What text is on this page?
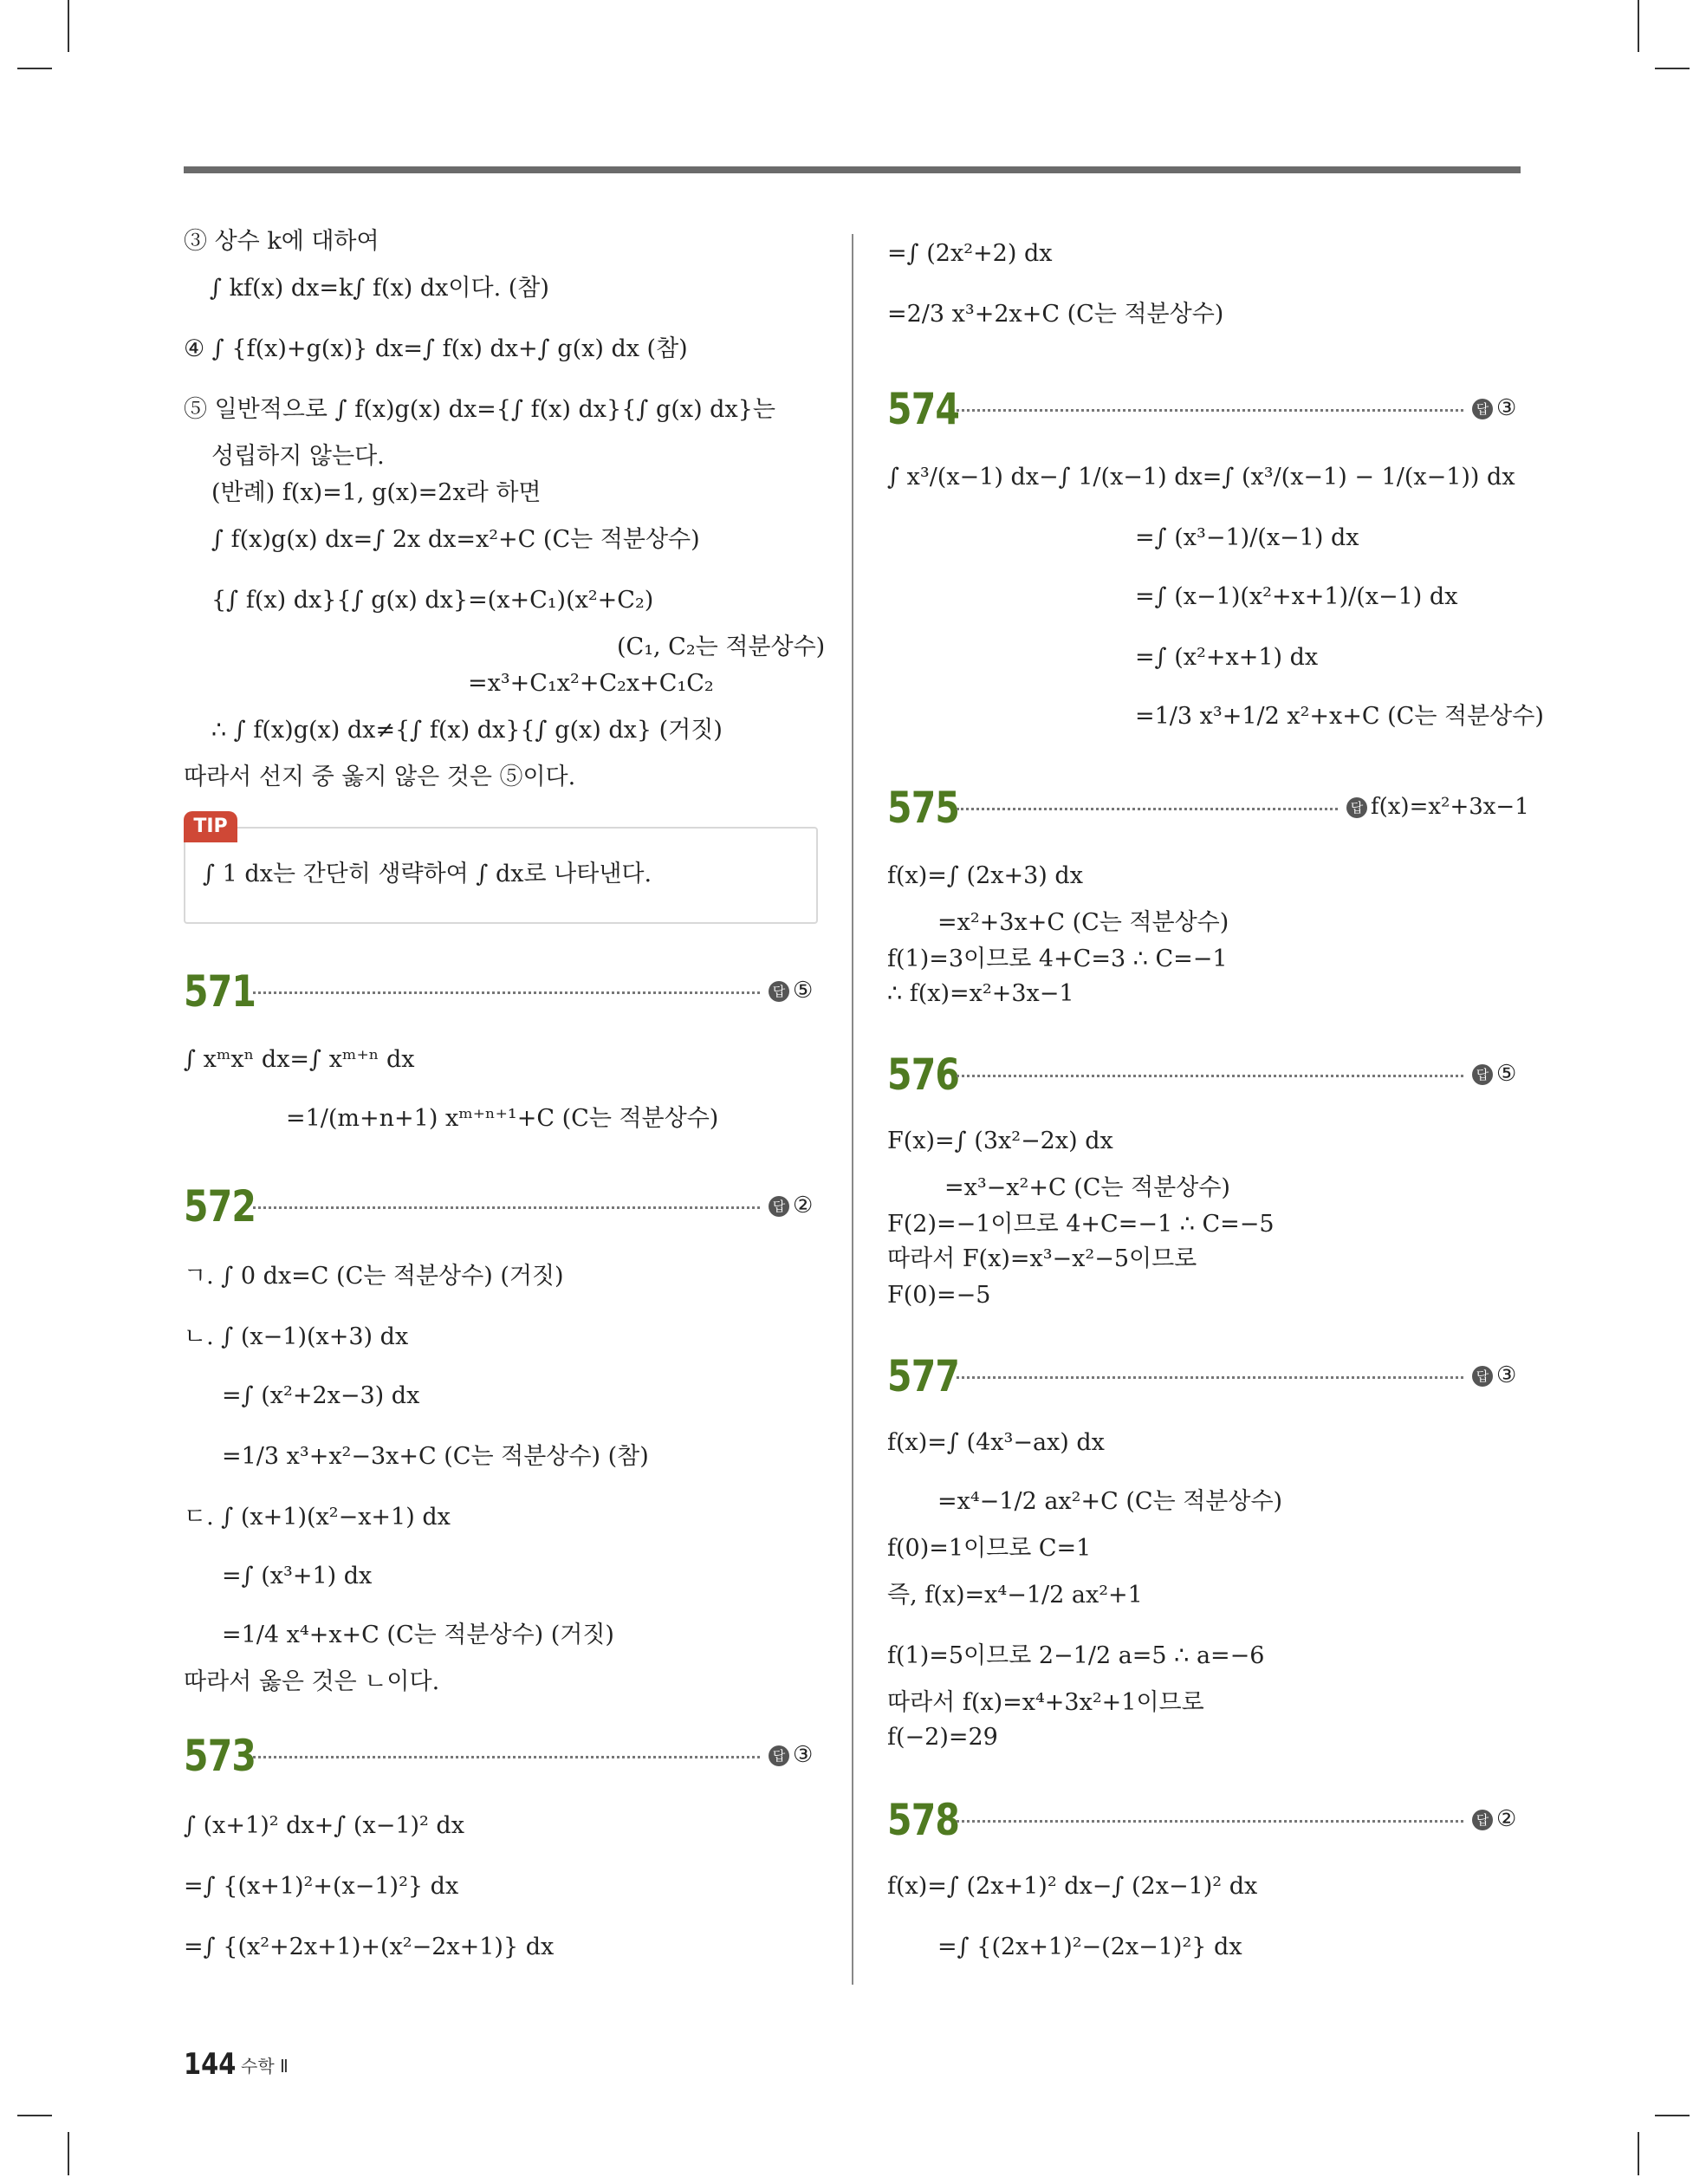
③ 상수 k에 대하여
∫ kf(x) dx=k∫ f(x) dx이다. (참)
④ ∫ {f(x)+g(x)} dx=∫ f(x) dx+∫ g(x) dx (참)
⑤ 일반적으로 ∫ f(x)g(x) dx={∫ f(x) dx}{∫ g(x) dx}는
성립하지 않는다.
(반례) f(x)=1, g(x)=2x라 하면
∫ f(x)g(x) dx=∫ 2x dx=x²+C (C는 적분상수)
{∫ f(x) dx}{∫ g(x) dx}=(x+C₁)(x²+C₂)
(C₁, C₂는 적분상수)
=x³+C₁x²+C₂x+C₁C₂
∴ ∫ f(x)g(x) dx≠{∫ f(x) dx}{∫ g(x) dx} (거짓)
따라서 선지 중 옳지 않은 것은 ⑤이다.
∫ 1 dx는 간단히 생략하여 ∫ dx로 나타낸다.
TIP
571	답 ⑤
∫ xᵐxⁿ dx=∫ xᵐ⁺ⁿ dx
=1/(m+n+1) xᵐ⁺ⁿ⁺¹+C (C는 적분상수)
572	답 ②
ㄱ. ∫ 0 dx=C (C는 적분상수) (거짓)
ㄴ. ∫ (x−1)(x+3) dx
=∫ (x²+2x−3) dx
=1/3 x³+x²−3x+C (C는 적분상수) (참)
ㄷ. ∫ (x+1)(x²−x+1) dx
=∫ (x³+1) dx
=1/4 x⁴+x+C (C는 적분상수) (거짓)
따라서 옳은 것은 ㄴ이다.
573	답 ③
∫ (x+1)² dx+∫ (x−1)² dx
=∫ {(x+1)²+(x−1)²} dx
=∫ {(x²+2x+1)+(x²−2x+1)} dx
=∫ (2x²+2) dx
=2/3 x³+2x+C (C는 적분상수)
574	답 ③
∫ x³/(x−1) dx−∫ 1/(x−1) dx=∫ (x³/(x−1) − 1/(x−1)) dx
=∫ (x³−1)/(x−1) dx
=∫ (x−1)(x²+x+1)/(x−1) dx
=∫ (x²+x+1) dx
=1/3 x³+1/2 x²+x+C (C는 적분상수)
575	답 f(x)=x²+3x−1
f(x)=∫ (2x+3) dx
=x²+3x+C (C는 적분상수)
f(1)=3이므로 4+C=3 ∴ C=−1
∴ f(x)=x²+3x−1
576	답 ⑤
F(x)=∫ (3x²−2x) dx
=x³−x²+C (C는 적분상수)
F(2)=−1이므로 4+C=−1 ∴ C=−5
따라서 F(x)=x³−x²−5이므로
F(0)=−5
577	답 ③
f(x)=∫ (4x³−ax) dx
=x⁴−1/2 ax²+C (C는 적분상수)
f(0)=1이므로 C=1
즉, f(x)=x⁴−1/2 ax²+1
f(1)=5이므로 2−1/2 a=5 ∴ a=−6
따라서 f(x)=x⁴+3x²+1이므로
f(−2)=29
578	답 ②
f(x)=∫ (2x+1)² dx−∫ (2x−1)² dx
=∫ {(2x+1)²−(2x−1)²} dx
144 수학 Ⅱ
